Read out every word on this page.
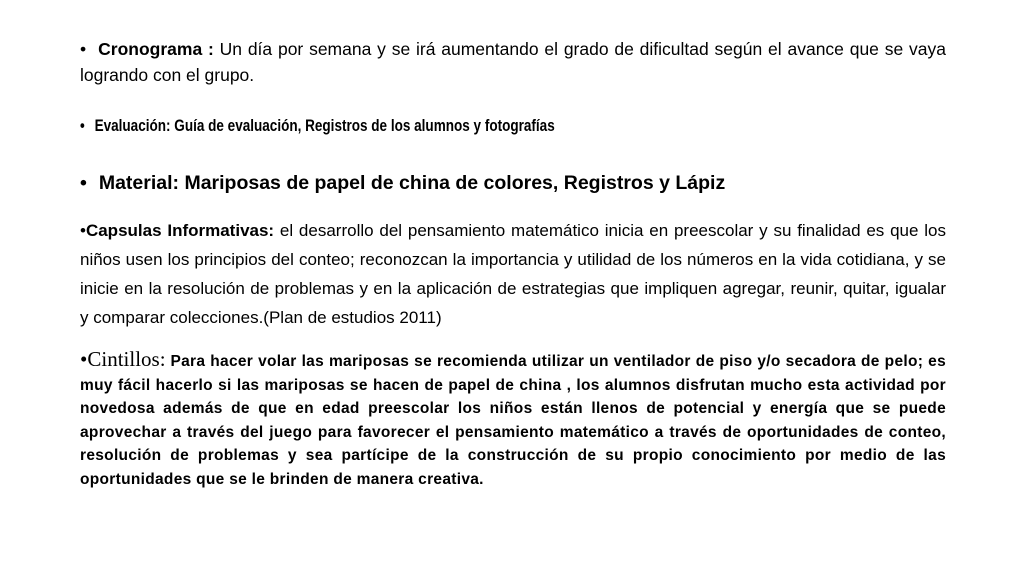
• Cronograma : Un día por semana y se irá aumentando el grado de dificultad según el avance que se vaya logrando con el grupo.

• Evaluación: Guía de evaluación, Registros de los alumnos y fotografías

• Material: Mariposas de papel de china de colores, Registros y Lápiz

•Capsulas Informativas: el desarrollo del pensamiento matemático inicia en preescolar y su finalidad es que los niños usen los principios del conteo; reconozcan la importancia y utilidad de los números en la vida cotidiana, y se inicie en la resolución de problemas y en la aplicación de estrategias que impliquen agregar, reunir, quitar, igualar y comparar colecciones.(Plan de estudios 2011)

•Cintillos: Para hacer volar las mariposas se recomienda utilizar un ventilador de piso y/o secadora de pelo; es muy fácil hacerlo si las mariposas se hacen de papel de china , los alumnos disfrutan mucho esta actividad por novedosa además de que en edad preescolar los niños están llenos de potencial y energía que se puede aprovechar a través del juego para favorecer el pensamiento matemático a través de oportunidades de conteo, resolución de problemas y sea partícipe de la construcción de su propio conocimiento por medio de las oportunidades que se le brinden de manera creativa.
